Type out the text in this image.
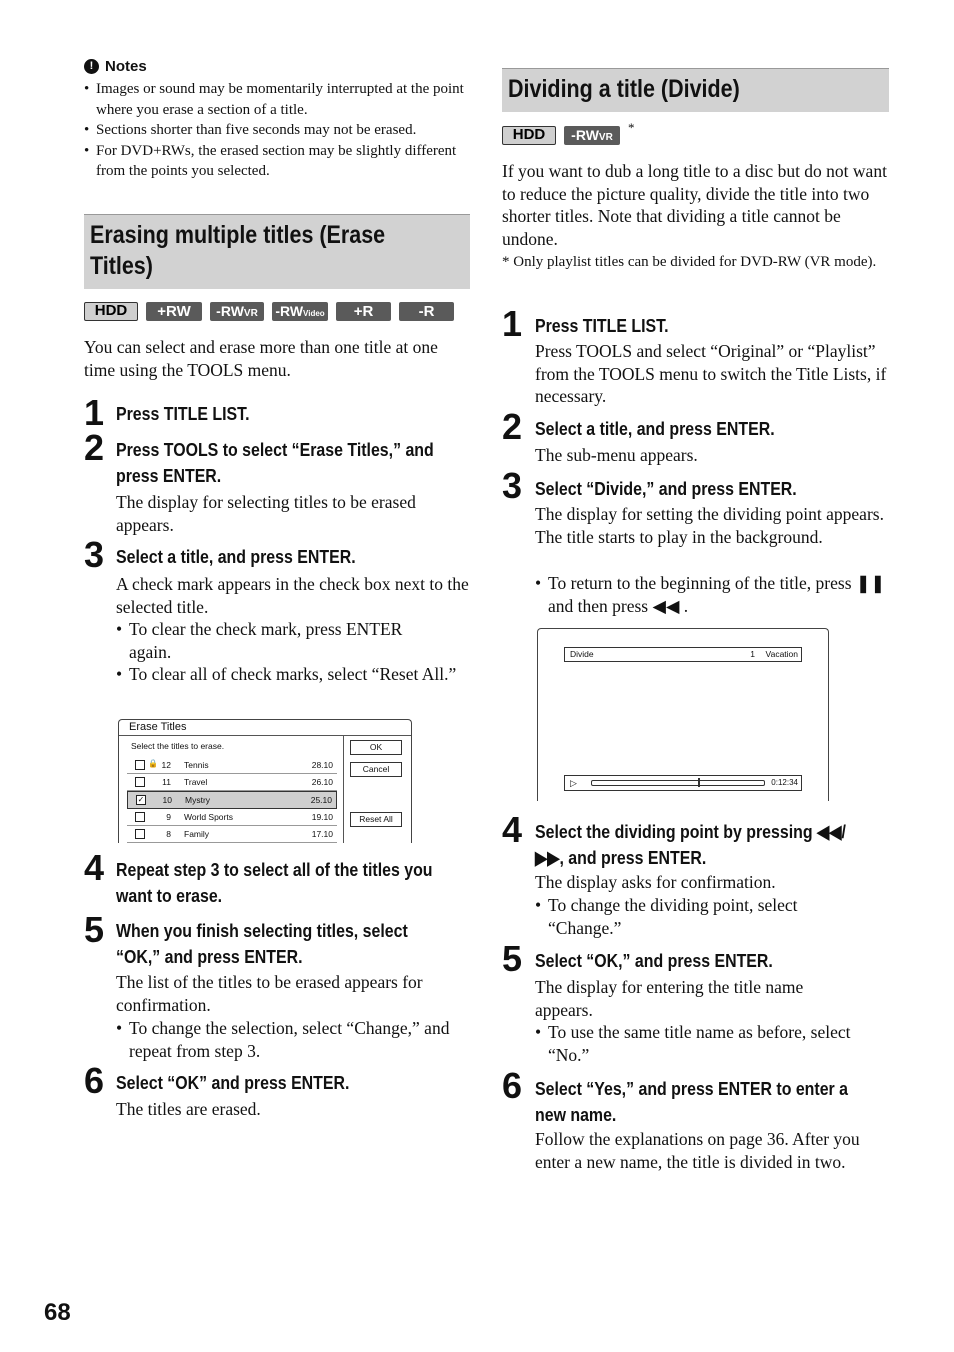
! Notes
• Images or sound may be momentarily interrupted at the point where you erase a section of a title.
• Sections shorter than five seconds may not be erased.
• For DVD+RWs, the erased section may be slightly different from the points you selected.
Erasing multiple titles (Erase
Titles)
HDD	+RW	-RWVR	-RWVideo	+R	-R
You can select and erase more than one title at one time using the TOOLS menu.
1 Press TITLE LIST.
2 Press TOOLS to select “Erase Titles,” and
press ENTER.
The display for selecting titles to be erased appears.
3 Select a title, and press ENTER.
A check mark appears in the check box next to the selected title.
• To clear the check mark, press ENTER again.
• To clear all of check marks, select “Reset All.”
Erase Titles
Select the titles to erase.
🔒 12 Tennis	28.10
11 Travel	26.10
✓	10 Mystry	25.10
9 World Sports	19.10
8 Family	17.10
OK
Cancel
Reset All
4 Repeat step 3 to select all of the titles you
want to erase.
5 When you finish selecting titles, select
“OK,” and press ENTER.
The list of the titles to be erased appears for confirmation.
• To change the selection, select “Change,” and repeat from step 3.
6 Select “OK” and press ENTER.
The titles are erased.
Dividing a title (Divide)
HDD	-RWVR
*
If you want to dub a long title to a disc but do not want to reduce the picture quality, divide the title into two shorter titles. Note that dividing a title cannot be undone.
* Only playlist titles can be divided for DVD-RW (VR mode).
1 Press TITLE LIST.
Press TOOLS and select “Original” or “Playlist” from the TOOLS menu to switch the Title Lists, if necessary.
2 Select a title, and press ENTER.
The sub-menu appears.
3 Select “Divide,” and press ENTER.
The display for setting the dividing point appears. The title starts to play in the background.
• To return to the beginning of the title, press ❚❚ and then press ◀◀ .
Divide	1 Vacation
▷	0:12:34
4 Select the dividing point by pressing ◀◀/
▶▶, and press ENTER.
The display asks for confirmation.
• To change the dividing point, select “Change.”
5 Select “OK,” and press ENTER.
The display for entering the title name appears.
• To use the same title name as before, select “No.”
6 Select “Yes,” and press ENTER to enter a
new name.
Follow the explanations on page 36. After you enter a new name, the title is divided in two.
68
